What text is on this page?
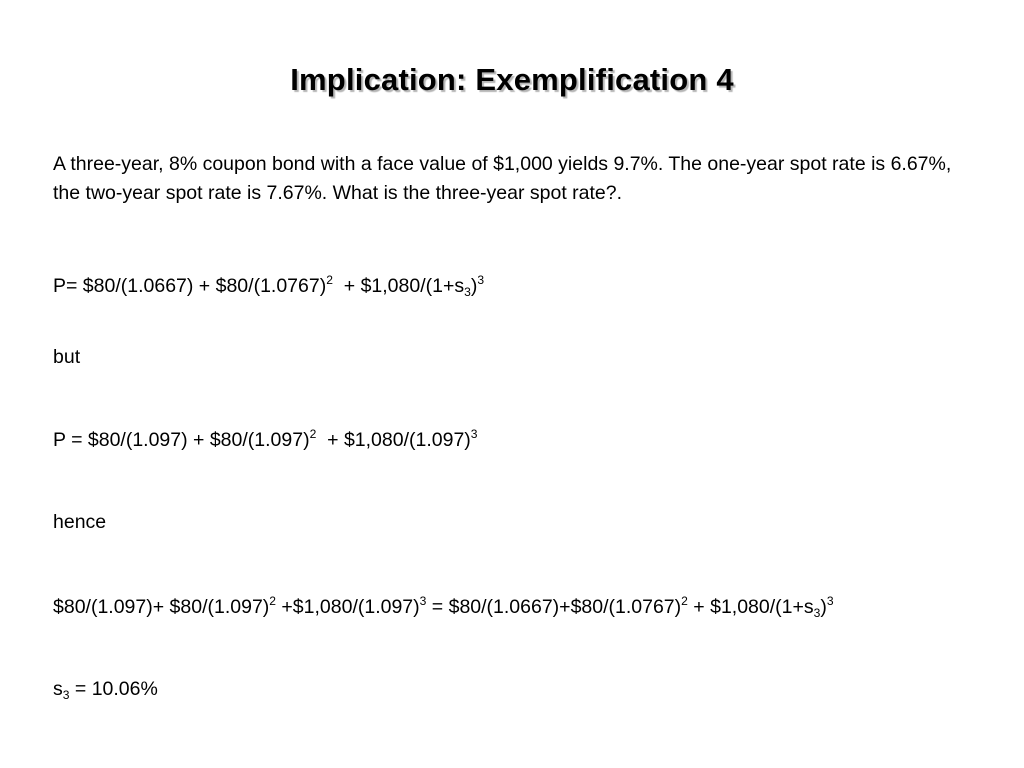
Implication: Exemplification 4
A three-year, 8% coupon bond with a face value of $1,000 yields 9.7%. The one-year spot rate is 6.67%, the two-year spot rate is 7.67%. What is the three-year spot rate?.
P= $80/(1.0667) + $\$80/(1.0767)^2$  + $\$1,080/(1+s_3)^3$
but
P = $80/(1.097) + $\$80/(1.097)^2$  + $\$1,080/(1.097)^3$
hence
$80/(1.097)+ $\$80/(1.097)^2$ $+\$1,080/(1.097)^3$ = $\$80/(1.0667)+\$80/(1.0767)^2$ + $\$1,080/(1+s_3)^3$
$s_3 = 10.06\%$
